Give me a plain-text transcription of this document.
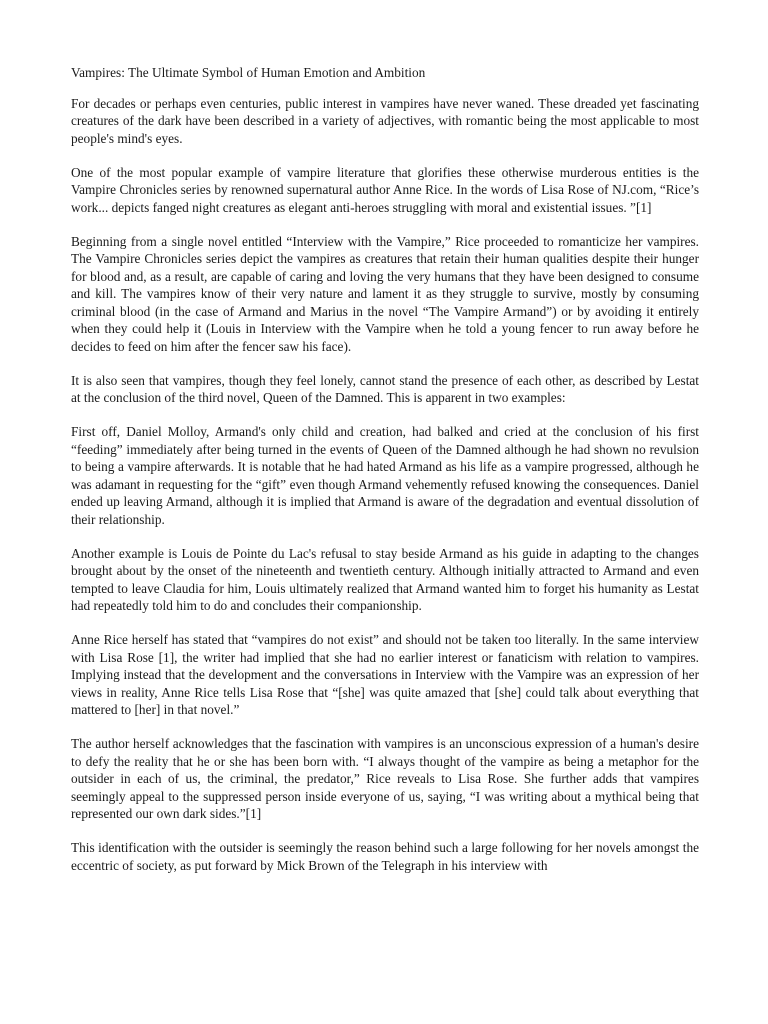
Vampires: The Ultimate Symbol of Human Emotion and Ambition
For decades or perhaps even centuries, public interest in vampires have never waned. These dreaded yet fascinating creatures of the dark have been described in a variety of adjectives, with romantic being the most applicable to most people's mind's eyes.
One of the most popular example of vampire literature that glorifies these otherwise murderous entities is the Vampire Chronicles series by renowned supernatural author Anne Rice. In the words of Lisa Rose of NJ.com, “Rice’s work... depicts fanged night creatures as elegant anti-heroes struggling with moral and existential issues. ”[1]
Beginning from a single novel entitled “Interview with the Vampire,” Rice proceeded to romanticize her vampires. The Vampire Chronicles series depict the vampires as creatures that retain their human qualities despite their hunger for blood and, as a result, are capable of caring and loving the very humans that they have been designed to consume and kill. The vampires know of their very nature and lament it as they struggle to survive, mostly by consuming criminal blood (in the case of Armand and Marius in the novel “The Vampire Armand”) or by avoiding it entirely when they could help it (Louis in Interview with the Vampire when he told a young fencer to run away before he decides to feed on him after the fencer saw his face).
It is also seen that vampires, though they feel lonely, cannot stand the presence of each other, as described by Lestat at the conclusion of the third novel, Queen of the Damned. This is apparent in two examples:
First off, Daniel Molloy, Armand's only child and creation, had balked and cried at the conclusion of his first “feeding” immediately after being turned in the events of Queen of the Damned although he had shown no revulsion to being a vampire afterwards. It is notable that he had hated Armand as his life as a vampire progressed, although he was adamant in requesting for the “gift” even though Armand vehemently refused knowing the consequences. Daniel ended up leaving Armand, although it is implied that Armand is aware of the degradation and eventual dissolution of their relationship.
Another example is Louis de Pointe du Lac's refusal to stay beside Armand as his guide in adapting to the changes brought about by the onset of the nineteenth and twentieth century. Although initially attracted to Armand and even tempted to leave Claudia for him, Louis ultimately realized that Armand wanted him to forget his humanity as Lestat had repeatedly told him to do and concludes their companionship.
Anne Rice herself has stated that “vampires do not exist” and should not be taken too literally. In the same interview with Lisa Rose [1], the writer had implied that she had no earlier interest or fanaticism with relation to vampires. Implying instead that the development and the conversations in Interview with the Vampire was an expression of her views in reality, Anne Rice tells Lisa Rose that “[she] was quite amazed that [she] could talk about everything that mattered to [her] in that novel.”
The author herself acknowledges that the fascination with vampires is an unconscious expression of a human's desire to defy the reality that he or she has been born with. “I always thought of the vampire as being a metaphor for the outsider in each of us, the criminal, the predator,” Rice reveals to Lisa Rose. She further adds that vampires seemingly appeal to the suppressed person inside everyone of us, saying, “I was writing about a mythical being that represented our own dark sides.”[1]
This identification with the outsider is seemingly the reason behind such a large following for her novels amongst the eccentric of society, as put forward by Mick Brown of the Telegraph in his interview with
